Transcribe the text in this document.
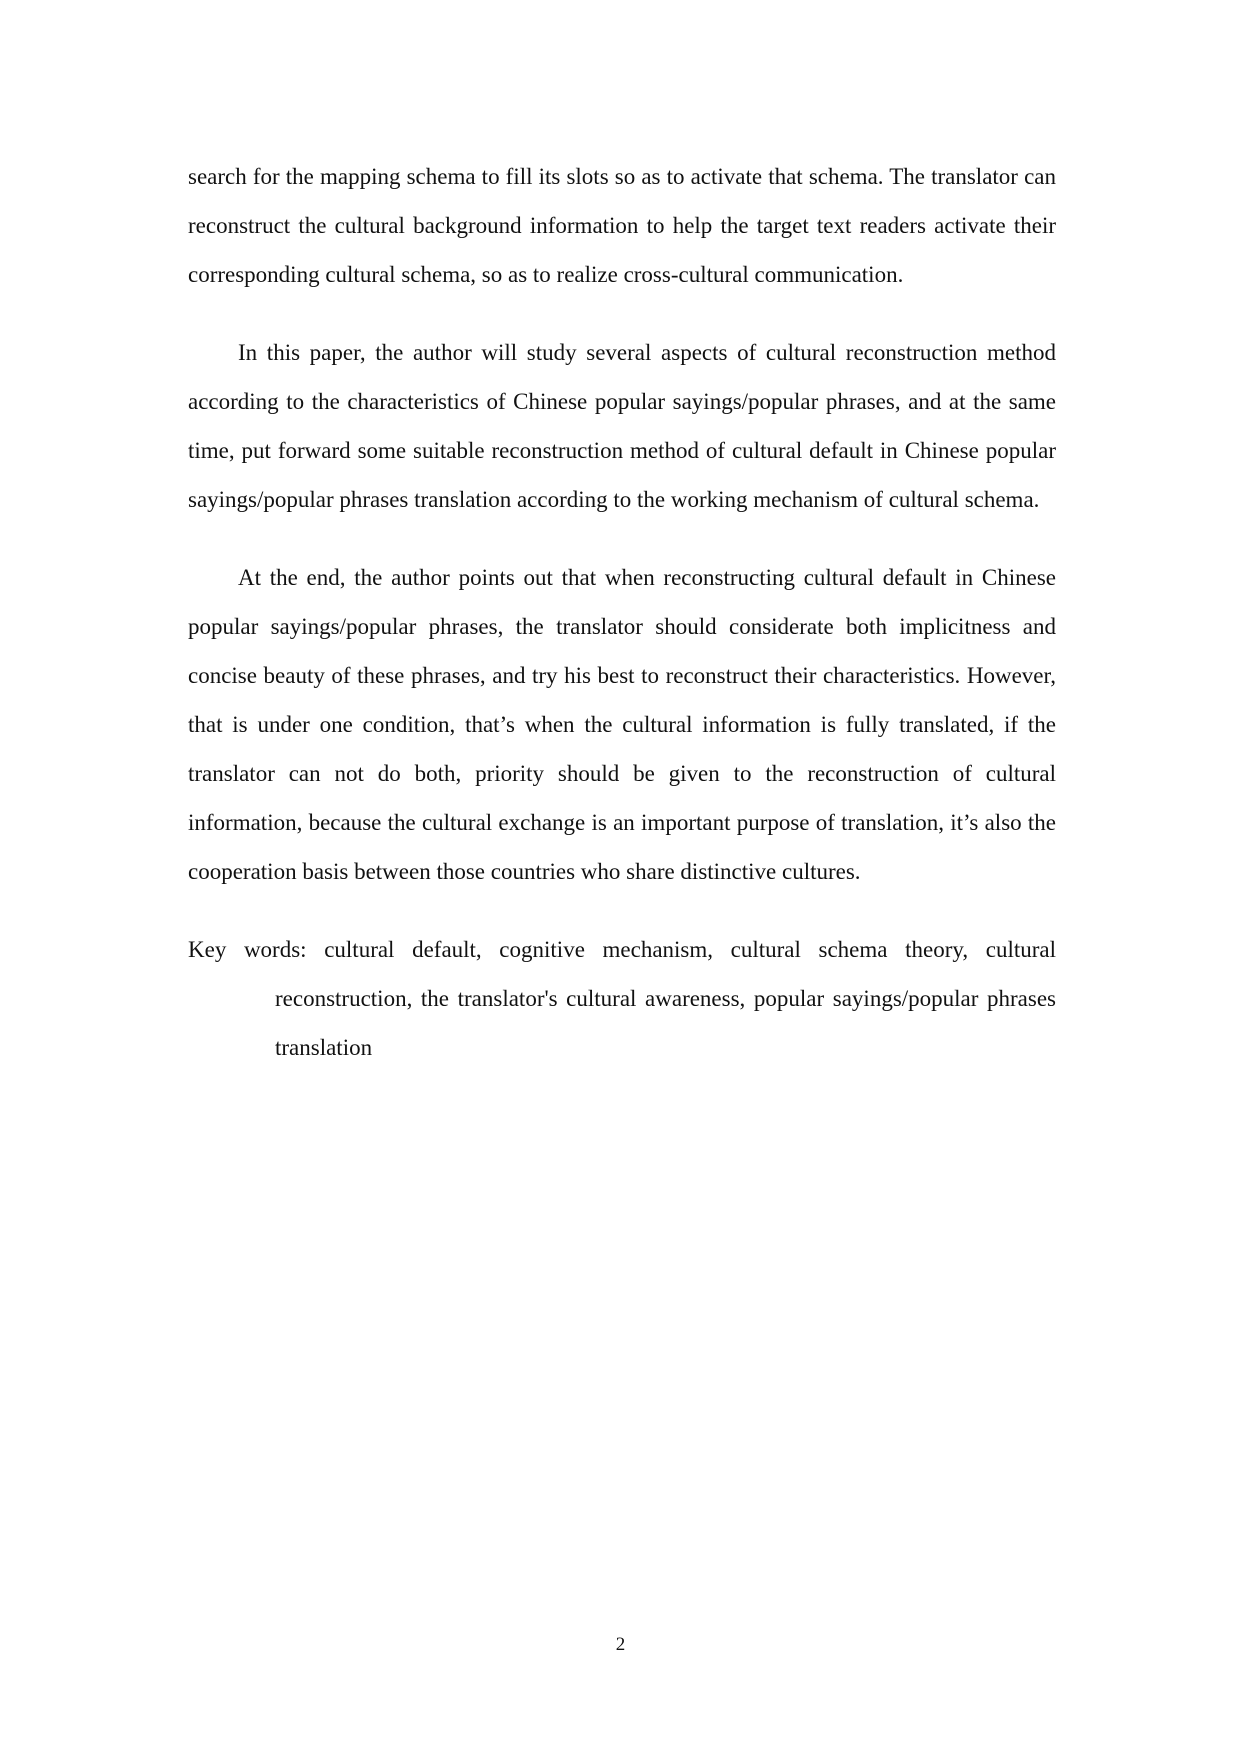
search for the mapping schema to fill its slots so as to activate that schema. The translator can reconstruct the cultural background information to help the target text readers activate their corresponding cultural schema, so as to realize cross-cultural communication.

In this paper, the author will study several aspects of cultural reconstruction method according to the characteristics of Chinese popular sayings/popular phrases, and at the same time, put forward some suitable reconstruction method of cultural default in Chinese popular sayings/popular phrases translation according to the working mechanism of cultural schema.

At the end, the author points out that when reconstructing cultural default in Chinese popular sayings/popular phrases, the translator should considerate both implicitness and concise beauty of these phrases, and try his best to reconstruct their characteristics. However, that is under one condition, that’s when the cultural information is fully translated, if the translator can not do both, priority should be given to the reconstruction of cultural information, because the cultural exchange is an important purpose of translation, it’s also the cooperation basis between those countries who share distinctive cultures.

Key words: cultural default, cognitive mechanism, cultural schema theory, cultural reconstruction, the translator's cultural awareness, popular sayings/popular phrases translation

2
